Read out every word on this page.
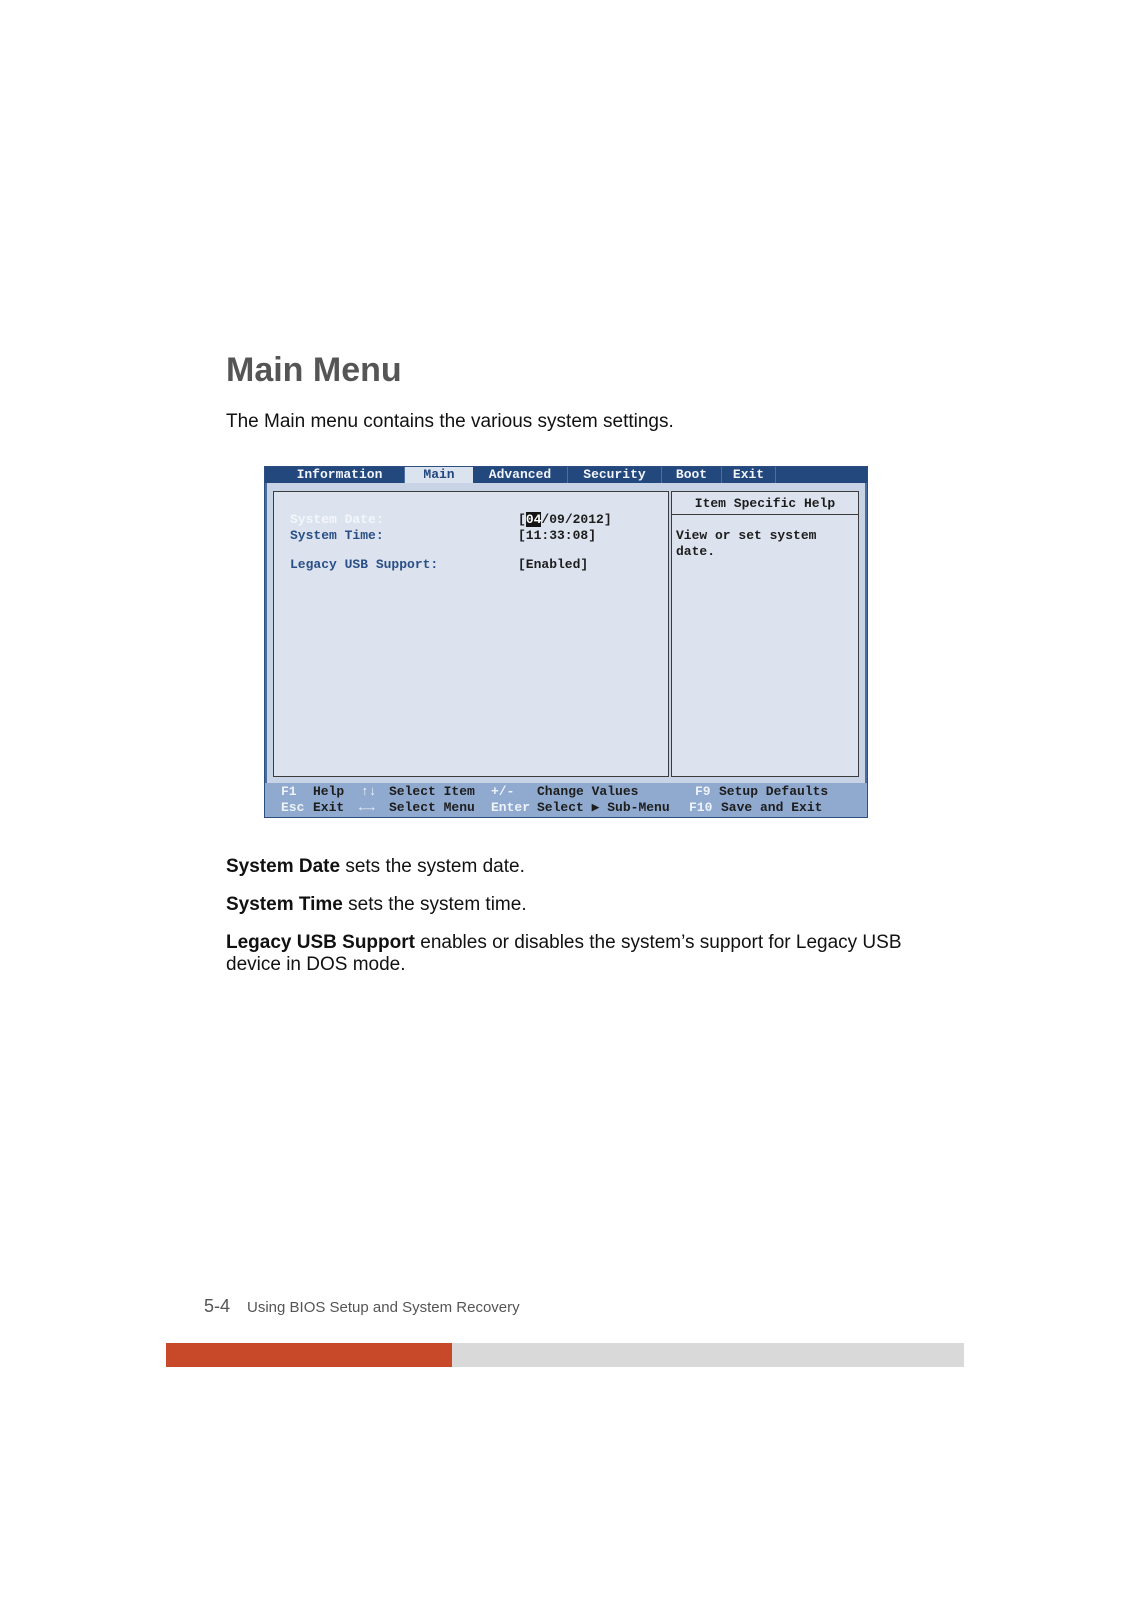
Main Menu
The Main menu contains the various system settings.
Information	Main	Advanced	Security	Boot	Exit
System Date:	[04/09/2012]
System Time:	[11:33:08]
Legacy USB Support:	[Enabled]
Item Specific Help
View or set system
date.
F1 Help ↑↓ Select Item +/- Change Values	F9 Setup Defaults
Esc Exit ←→ Select Menu Enter Select ▶ Sub-Menu F10 Save and Exit
System Date sets the system date.
System Time sets the system time.
Legacy USB Support enables or disables the system’s support for Legacy USB device in DOS mode.
5-4 Using BIOS Setup and System Recovery
